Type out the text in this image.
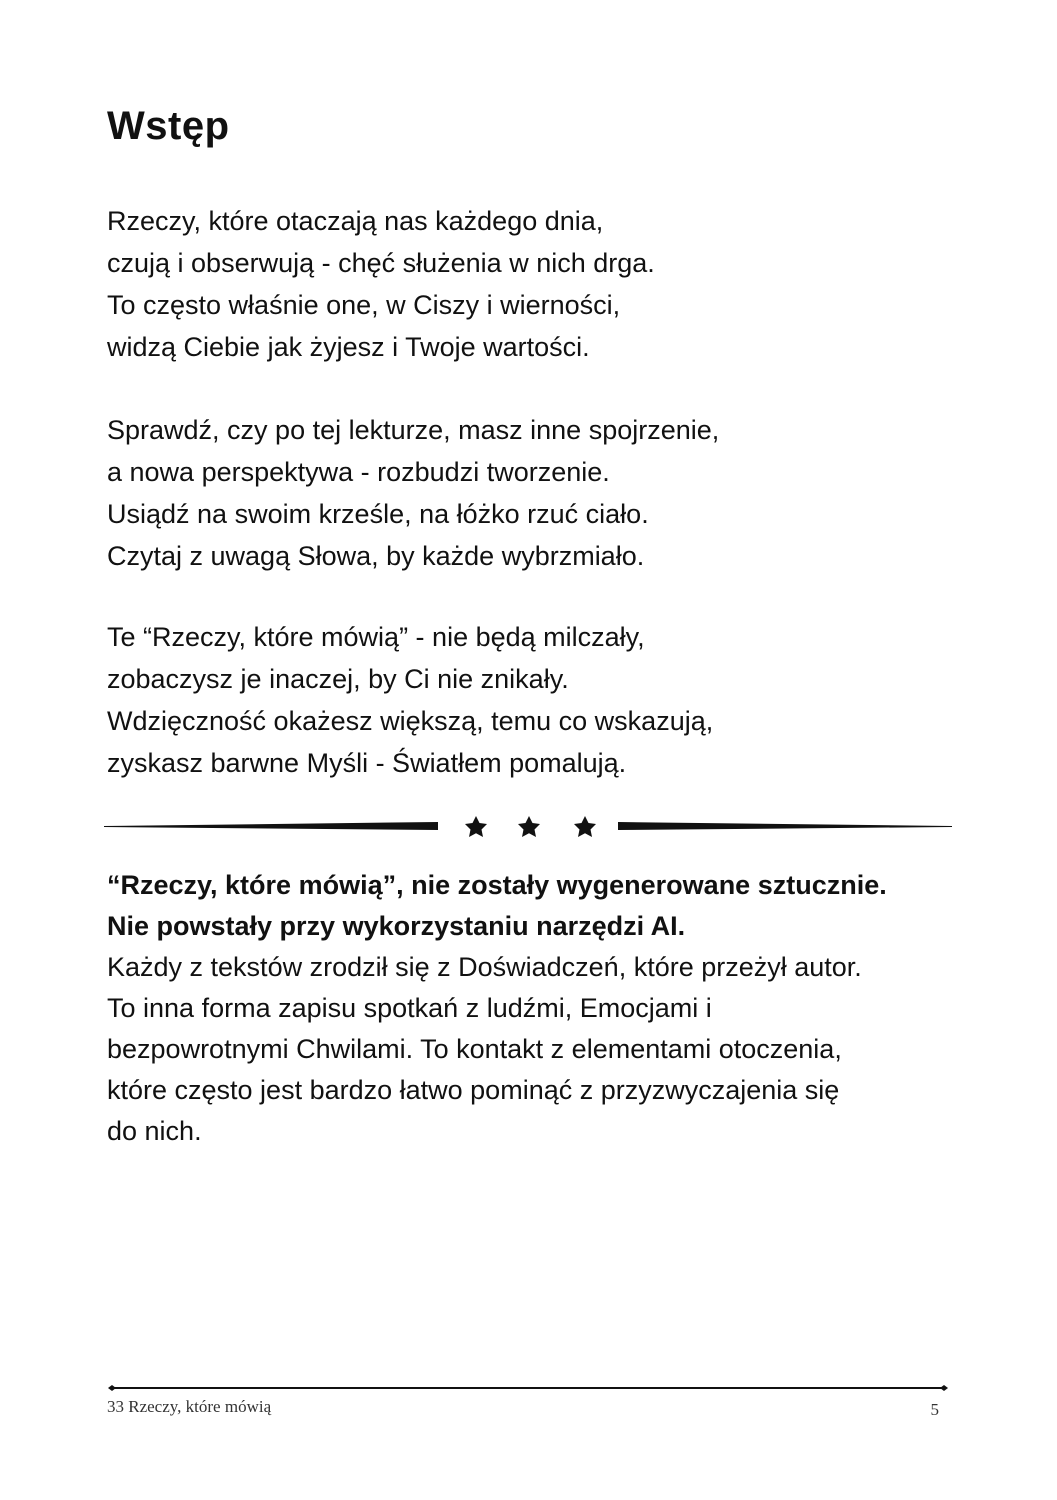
Wstęp
Rzeczy, które otaczają nas każdego dnia,
czują i obserwują - chęć służenia w nich drga.
To często właśnie one, w Ciszy i wierności,
widzą Ciebie jak żyjesz i Twoje wartości.
Sprawdź, czy po tej lekturze, masz inne spojrzenie,
a nowa perspektywa - rozbudzi tworzenie.
Usiądź na swoim krześle, na łóżko rzuć ciało.
Czytaj z uwagą Słowa, by każde wybrzmiało.
Te “Rzeczy, które mówią” - nie będą milczały,
zobaczysz je inaczej, by Ci nie znikały.
Wdzięczność okażesz większą, temu co wskazują,
zyskasz barwne Myśli - Światłem pomalują.
“Rzeczy, które mówią”, nie zostały wygenerowane sztucznie.
Nie powstały przy wykorzystaniu narzędzi AI.
Każdy z tekstów zrodził się z Doświadczeń, które przeżył autor.
To inna forma zapisu spotkań z ludźmi, Emocjami i
bezpowrotnymi Chwilami. To kontakt z elementami otoczenia,
które często jest bardzo łatwo pominąć z przyzwyczajenia się
do nich.
33 Rzeczy, które mówią	5
